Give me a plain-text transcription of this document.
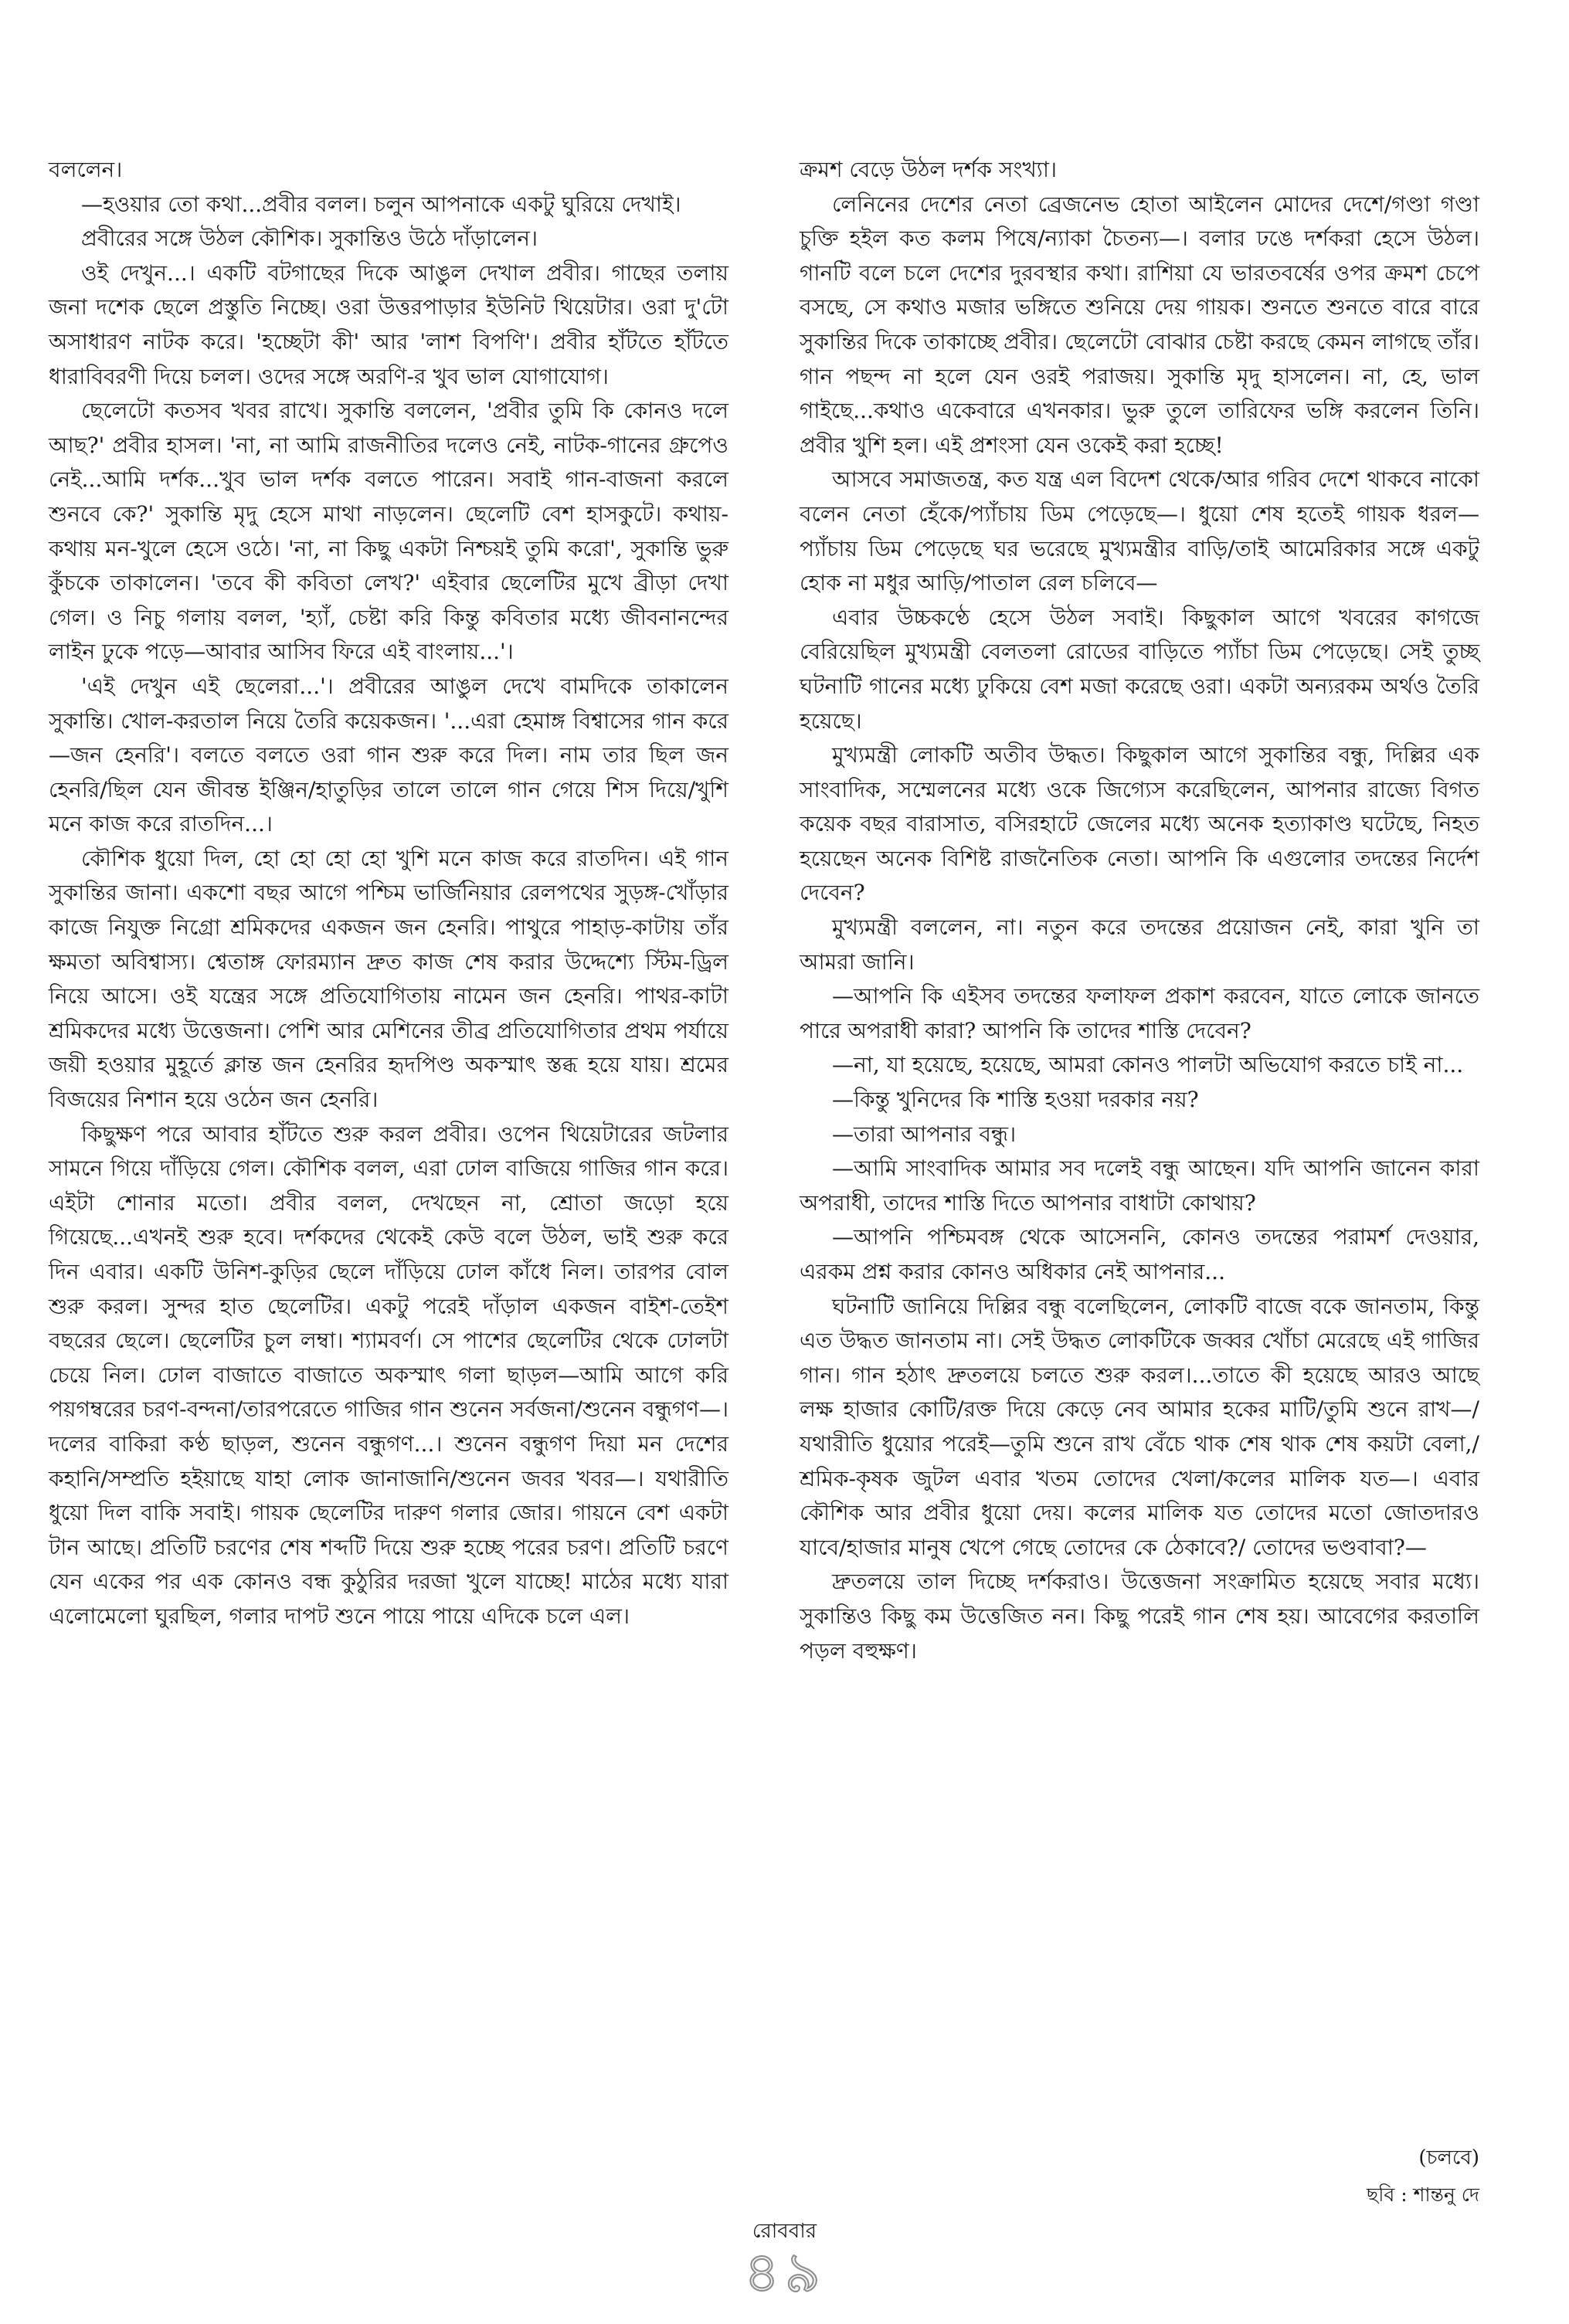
বললেন।

—হওয়ার তো কথা...প্রবীর বলল। চলুন আপনাকে একটু ঘুরিয়ে দেখাই।

প্রবীরের সঙ্গে উঠল কৌশিক। সুকান্তিও উঠে দাঁড়ালেন।

ওই দেখুন...। একটি বটগাছের দিকে আঙুল দেখাল প্রবীর। গাছের তলায় জনা দশেক ছেলে প্রস্তুতি নিচ্ছে। ওরা উত্তরপাড়ার ইউনিট থিয়েটার। ওরা দু'টো অসাধারণ নাটক করে। 'হচ্ছেটা কী' আর 'লাশ বিপণি'। প্রবীর হাঁটতে হাঁটতে ধারাবিবরণী দিয়ে চলল। ওদের সঙ্গে অরণি-র খুব ভাল যোগাযোগ।

ছেলেটো কতসব খবর রাখে। সুকান্তি বললেন, 'প্রবীর তুমি কি কোনও দলে আছ?' প্রবীর হাসল। 'না, না আমি রাজনীতির দলেও নেই, নাটক-গানের গ্রুপেও নেই...আমি দর্শক...খুব ভাল দর্শক বলতে পারেন। সবাই গান-বাজনা করলে শুনবে কে?' সুকান্তি মৃদু হেসে মাথা নাড়লেন। ছেলেটি বেশ হাসকুটে। কথায়-কথায় মন-খুলে হেসে ওঠে। 'না, না কিছু একটা নিশ্চয়ই তুমি করো', সুকান্তি ভুরু কুঁচকে তাকালেন। 'তবে কী কবিতা লেখ?' এইবার ছেলেটির মুখে ব্রীড়া দেখা গেল। ও নিচু গলায় বলল, 'হ্যাঁ, চেষ্টা করি কিন্তু কবিতার মধ্যে জীবনানন্দের লাইন ঢুকে পড়ে—আবার আসিব ফিরে এই বাংলায়...'।

'এই দেখুন এই ছেলেরা...'। প্রবীরের আঙুল দেখে বামদিকে তাকালেন সুকান্তি। খোল-করতাল নিয়ে তৈরি কয়েকজন। '...এরা হেমাঙ্গ বিশ্বাসের গান করে—জন হেনরি'। বলতে বলতে ওরা গান শুরু করে দিল। নাম তার ছিল জন হেনরি/ছিল যেন জীবন্ত ইঞ্জিন/হাতুড়ির তালে তালে গান গেয়ে শিস দিয়ে/খুশি মনে কাজ করে রাতদিন...।

কৌশিক ধুয়ো দিল, হো হো হো হো খুশি মনে কাজ করে রাতদিন। এই গান সুকান্তির জানা। একশো বছর আগে পশ্চিম ভার্জিনিয়ার রেলপথের সুড়ঙ্গ-খোঁড়ার কাজে নিযুক্ত নিগ্রো শ্রমিকদের একজন জন হেনরি। পাথুরে পাহাড়-কাটায় তাঁর ক্ষমতা অবিশ্বাস্য। শ্বেতাঙ্গ ফোরম্যান দ্রুত কাজ শেষ করার উদ্দেশ্যে স্টিম-ড্রিল নিয়ে আসে। ওই যন্ত্রের সঙ্গে প্রতিযোগিতায় নামেন জন হেনরি। পাথর-কাটা শ্রমিকদের মধ্যে উত্তেজনা। পেশি আর মেশিনের তীব্র প্রতিযোগিতার প্রথম পর্যায়ে জয়ী হওয়ার মুহূর্তে ক্লান্ত জন হেনরির হৃদপিণ্ড অকস্মাৎ স্তব্ধ হয়ে যায়। শ্রমের বিজয়ের নিশান হয়ে ওঠেন জন হেনরি।

কিছুক্ষণ পরে আবার হাঁটতে শুরু করল প্রবীর। ওপেন থিয়েটারের জটলার সামনে গিয়ে দাঁড়িয়ে গেল। কৌশিক বলল, এরা ঢোল বাজিয়ে গাজির গান করে। এইটা শোনার মতো। প্রবীর বলল, দেখছেন না, শ্রোতা জড়ো হয়ে গিয়েছে...এখনই শুরু হবে। দর্শকদের থেকেই কেউ বলে উঠল, ভাই শুরু করে দিন এবার। একটি উনিশ-কুড়ির ছেলে দাঁড়িয়ে ঢোল কাঁধে নিল। তারপর বোল শুরু করল। সুন্দর হাত ছেলেটির। একটু পরেই দাঁড়াল একজন বাইশ-তেইশ বছরের ছেলে। ছেলেটির চুল লম্বা। শ্যামবর্ণ। সে পাশের ছেলেটির থেকে ঢোলটা চেয়ে নিল। ঢোল বাজাতে বাজাতে অকস্মাৎ গলা ছাড়ল—আমি আগে করি পয়গম্বরের চরণ-বন্দনা/তারপরেতে গাজির গান শুনেন সর্বজনা/শুনেন বন্ধুগণ—। দলের বাকিরা কণ্ঠ ছাড়ল, শুনেন বন্ধুগণ...। শুনেন বন্ধুগণ দিয়া মন দেশের কহানি/সম্প্রতি হইয়াছে যাহা লোক জানাজানি/শুনেন জবর খবর—। যথারীতি ধুয়ো দিল বাকি সবাই। গায়ক ছেলেটির দারুণ গলার জোর। গায়নে বেশ একটা টান আছে। প্রতিটি চরণের শেষ শব্দটি দিয়ে শুরু হচ্ছে পরের চরণ। প্রতিটি চরণে যেন একের পর এক কোনও বন্ধ কুঠুরির দরজা খুলে যাচ্ছে! মাঠের মধ্যে যারা এলোমেলো ঘুরছিল, গলার দাপট শুনে পায়ে পায়ে এদিকে চলে এল।

ক্রমশ বেড়ে উঠল দর্শক সংখ্যা।

লেনিনের দেশের নেতা ব্রেজনেভ হোতা আইলেন মোদের দেশে/গণ্ডা গণ্ডা চুক্তি হইল কত কলম পিষে/ন্যাকা চৈতন্য—। বলার ঢঙে দর্শকরা হেসে উঠল। গানটি বলে চলে দেশের দুরবস্থার কথা। রাশিয়া যে ভারতবর্ষের ওপর ক্রমশ চেপে বসছে, সে কথাও মজার ভঙ্গিতে শুনিয়ে দেয় গায়ক। শুনতে শুনতে বারে বারে সুকান্তির দিকে তাকাচ্ছে প্রবীর। ছেলেটো বোঝার চেষ্টা করছে কেমন লাগছে তাঁর। গান পছন্দ না হলে যেন ওরই পরাজয়। সুকান্তি মৃদু হাসলেন। না, হে, ভাল গাইছে...কথাও একেবারে এখনকার। ভুরু তুলে তারিফের ভঙ্গি করলেন তিনি। প্রবীর খুশি হল। এই প্রশংসা যেন ওকেই করা হচ্ছে!

আসবে সমাজতন্ত্র, কত যন্ত্র এল বিদেশ থেকে/আর গরিব দেশে থাকবে নাকো বলেন নেতা হেঁকে/প্যাঁচায় ডিম পেড়েছে—। ধুয়ো শেষ হতেই গায়ক ধরল—প্যাঁচায় ডিম পেড়েছে ঘর ভরেছে মুখ্যমন্ত্রীর বাড়ি/তাই আমেরিকার সঙ্গে একটু হোক না মধুর আড়ি/পাতাল রেল চলিবে—

এবার উচ্চকণ্ঠে হেসে উঠল সবাই। কিছুকাল আগে খবরের কাগজে বেরিয়েছিল মুখ্যমন্ত্রী বেলতলা রোডের বাড়িতে প্যাঁচা ডিম পেড়েছে। সেই তুচ্ছ ঘটনাটি গানের মধ্যে ঢুকিয়ে বেশ মজা করেছে ওরা। একটা অন্যরকম অর্থও তৈরি হয়েছে।

মুখ্যমন্ত্রী লোকটি অতীব উদ্ধত। কিছুকাল আগে সুকান্তির বন্ধু, দিল্লির এক সাংবাদিক, সম্মেলনের মধ্যে ওকে জিগ্যেস করেছিলেন, আপনার রাজ্যে বিগত কয়েক বছর বারাসাত, বসিরহাটে জেলের মধ্যে অনেক হত্যাকাণ্ড ঘটেছে, নিহত হয়েছেন অনেক বিশিষ্ট রাজনৈতিক নেতা। আপনি কি এগুলোর তদন্তের নির্দেশ দেবেন?

মুখ্যমন্ত্রী বললেন, না। নতুন করে তদন্তের প্রয়োজন নেই, কারা খুনি তা আমরা জানি।

—আপনি কি এইসব তদন্তের ফলাফল প্রকাশ করবেন, যাতে লোকে জানতে পারে অপরাধী কারা? আপনি কি তাদের শাস্তি দেবেন?

—না, যা হয়েছে, হয়েছে, আমরা কোনও পালটা অভিযোগ করতে চাই না...

—কিন্তু খুনিদের কি শাস্তি হওয়া দরকার নয়?

—তারা আপনার বন্ধু।

—আমি সাংবাদিক আমার সব দলেই বন্ধু আছেন। যদি আপনি জানেন কারা অপরাধী, তাদের শাস্তি দিতে আপনার বাধাটা কোথায়?

—আপনি পশ্চিমবঙ্গ থেকে আসেননি, কোনও তদন্তের পরামর্শ দেওয়ার, এরকম প্রশ্ন করার কোনও অধিকার নেই আপনার...

ঘটনাটি জানিয়ে দিল্লির বন্ধু বলেছিলেন, লোকটি বাজে বকে জানতাম, কিন্তু এত উদ্ধত জানতাম না। সেই উদ্ধত লোকটিকে জব্বর খোঁচা মেরেছে এই গাজির গান। গান হঠাৎ দ্রুতলয়ে চলতে শুরু করল।...তাতে কী হয়েছে আরও আছে লক্ষ হাজার কোটি/রক্ত দিয়ে কেড়ে নেব আমার হকের মাটি/তুমি শুনে রাখ—/যথারীতি ধুয়োর পরেই—তুমি শুনে রাখ বেঁচে থাক শেষ থাক শেষ কয়টা বেলা,/শ্রমিক-কৃষক জুটল এবার খতম তোদের খেলা/কলের মালিক যত—। এবার কৌশিক আর প্রবীর ধুয়ো দেয়। কলের মালিক যত তোদের মতো জোতদারও যাবে/হাজার মানুষ খেপে গেছে তোদের কে ঠেকাবে?/ তোদের ভণ্ডবাবা?—

দ্রুতলয়ে তাল দিচ্ছে দর্শকরাও। উত্তেজনা সংক্রামিত হয়েছে সবার মধ্যে। সুকান্তিও কিছু কম উত্তেজিত নন। কিছু পরেই গান শেষ হয়। আবেগের করতালি পড়ল বহুক্ষণ।

(চলবে)
ছবি : শান্তনু দে
রোববার
৪৯
